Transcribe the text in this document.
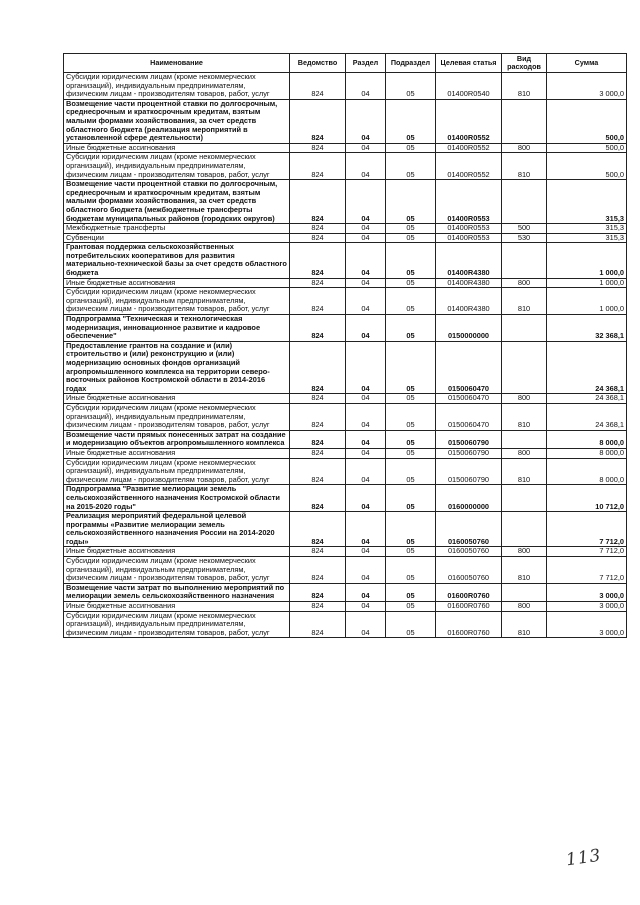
Наименование	Ведомство	Раздел	Подраздел	Целевая статья	Вид расходов	Сумма
Субсидии юридическим лицам (кроме некоммерческих организаций), индивидуальным предпринимателям, физическим лицам - производителям товаров, работ, услуг	824	04	05	01400R0540	810	3 000,0
Возмещение части процентной ставки по долгосрочным, среднесрочным и краткосрочным кредитам, взятым малыми формами хозяйствования, за счет средств областного бюджета (реализация мероприятий в установленной сфере деятельности)	824	04	05	01400R0552		500,0
Иные бюджетные ассигнования	824	04	05	01400R0552	800	500,0
Субсидии юридическим лицам (кроме некоммерческих организаций), индивидуальным предпринимателям, физическим лицам - производителям товаров, работ, услуг	824	04	05	01400R0552	810	500,0
Возмещение части процентной ставки по долгосрочным, среднесрочным и краткосрочным кредитам, взятым малыми формами хозяйствования, за счет средств областного бюджета (межбюджетные трансферты бюджетам муниципальных районов (городских округов)	824	04	05	01400R0553		315,3
Межбюджетные трансферты	824	04	05	01400R0553	500	315,3
Субвенции	824	04	05	01400R0553	530	315,3
Грантовая поддержка сельскохозяйственных потребительских кооперативов для развития материально-технической базы за счет средств областного бюджета	824	04	05	01400R4380		1 000,0
Иные бюджетные ассигнования	824	04	05	01400R4380	800	1 000,0
Субсидии юридическим лицам (кроме некоммерческих организаций), индивидуальным предпринимателям, физическим лицам - производителям товаров, работ, услуг	824	04	05	01400R4380	810	1 000,0
Подпрограмма "Техническая и технологическая модернизация, инновационное развитие и кадровое обеспечение"	824	04	05	0150000000		32 368,1
Предоставление грантов на создание и (или) строительство и (или) реконструкцию и (или) модернизацию основных фондов организаций агропромышленного комплекса на территории северо-восточных районов Костромской области в 2014-2016 годах	824	04	05	0150060470		24 368,1
Иные бюджетные ассигнования	824	04	05	0150060470	800	24 368,1
Субсидии юридическим лицам (кроме некоммерческих организаций), индивидуальным предпринимателям, физическим лицам - производителям товаров, работ, услуг	824	04	05	0150060470	810	24 368,1
Возмещение части прямых понесенных затрат на создание и модернизацию объектов агропромышленного комплекса	824	04	05	0150060790		8 000,0
Иные бюджетные ассигнования	824	04	05	0150060790	800	8 000,0
Субсидии юридическим лицам (кроме некоммерческих организаций), индивидуальным предпринимателям, физическим лицам - производителям товаров, работ, услуг	824	04	05	0150060790	810	8 000,0
Подпрограмма "Развитие мелиорации земель сельскохозяйственного назначения Костромской области на 2015-2020 годы"	824	04	05	0160000000		10 712,0
Реализация мероприятий федеральной целевой программы «Развитие мелиорации земель сельскохозяйственного назначения России на 2014-2020 годы»	824	04	05	0160050760		7 712,0
Иные бюджетные ассигнования	824	04	05	0160050760	800	7 712,0
Субсидии юридическим лицам (кроме некоммерческих организаций), индивидуальным предпринимателям, физическим лицам - производителям товаров, работ, услуг	824	04	05	0160050760	810	7 712,0
Возмещение части затрат по выполнению мероприятий по мелиорации земель сельскохозяйственного назначения	824	04	05	01600R0760		3 000,0
Иные бюджетные ассигнования	824	04	05	01600R0760	800	3 000,0
Субсидии юридическим лицам (кроме некоммерческих организаций), индивидуальным предпринимателям, физическим лицам - производителям товаров, работ, услуг	824	04	05	01600R0760	810	3 000,0
113
